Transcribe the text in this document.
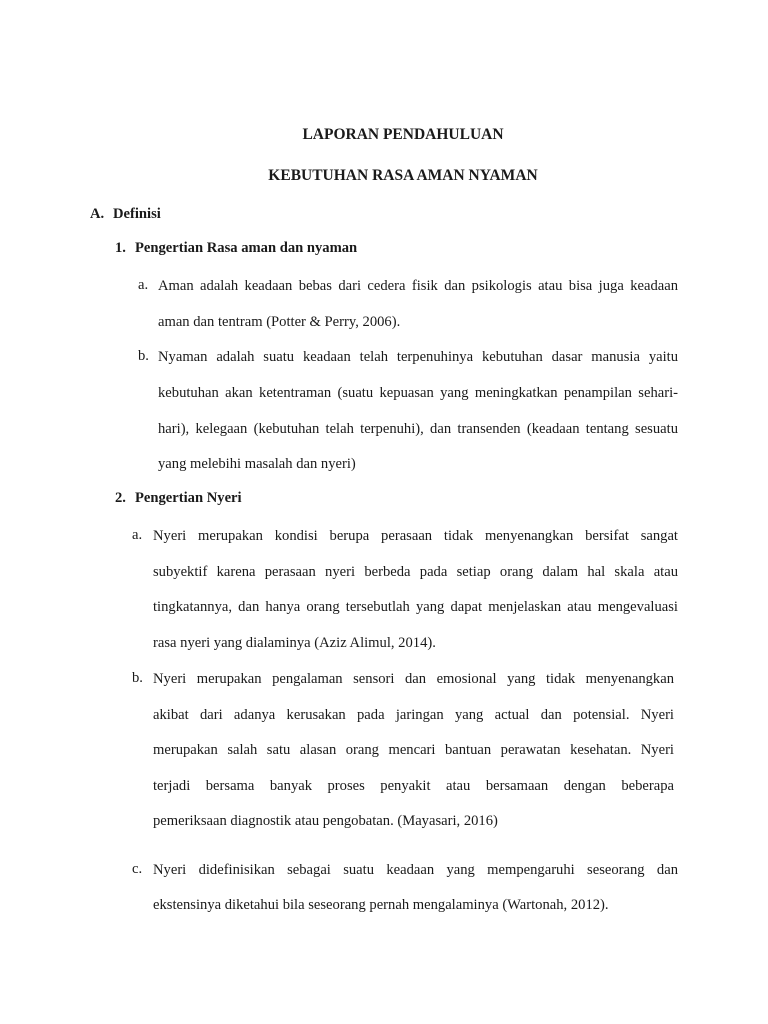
LAPORAN PENDAHULUAN
KEBUTUHAN RASA AMAN NYAMAN
A. Definisi
1. Pengertian Rasa aman dan nyaman
a. Aman adalah keadaan bebas dari cedera fisik dan psikologis atau bisa juga keadaan
aman dan tentram (Potter & Perry, 2006).
b. Nyaman adalah suatu keadaan telah terpenuhinya kebutuhan dasar manusia yaitu
kebutuhan akan ketentraman (suatu kepuasan yang meningkatkan penampilan sehari-
hari), kelegaan (kebutuhan telah terpenuhi), dan transenden (keadaan tentang sesuatu
yang melebihi masalah dan nyeri)
2. Pengertian Nyeri
a. Nyeri merupakan kondisi berupa perasaan tidak menyenangkan bersifat sangat
subyektif karena perasaan nyeri berbeda pada setiap orang dalam hal skala atau
tingkatannya, dan hanya orang tersebutlah yang dapat menjelaskan atau mengevaluasi
rasa nyeri yang dialaminya (Aziz Alimul, 2014).
b. Nyeri merupakan pengalaman sensori dan emosional yang tidak menyenangkan
akibat dari adanya kerusakan pada jaringan yang actual dan potensial. Nyeri
merupakan salah satu alasan orang mencari bantuan perawatan kesehatan. Nyeri
terjadi bersama banyak proses penyakit atau bersamaan dengan beberapa
pemeriksaan diagnostik atau pengobatan. (Mayasari, 2016)
c. Nyeri didefinisikan sebagai suatu keadaan yang mempengaruhi seseorang dan
ekstensinya diketahui bila seseorang pernah mengalaminya (Wartonah, 2012).
